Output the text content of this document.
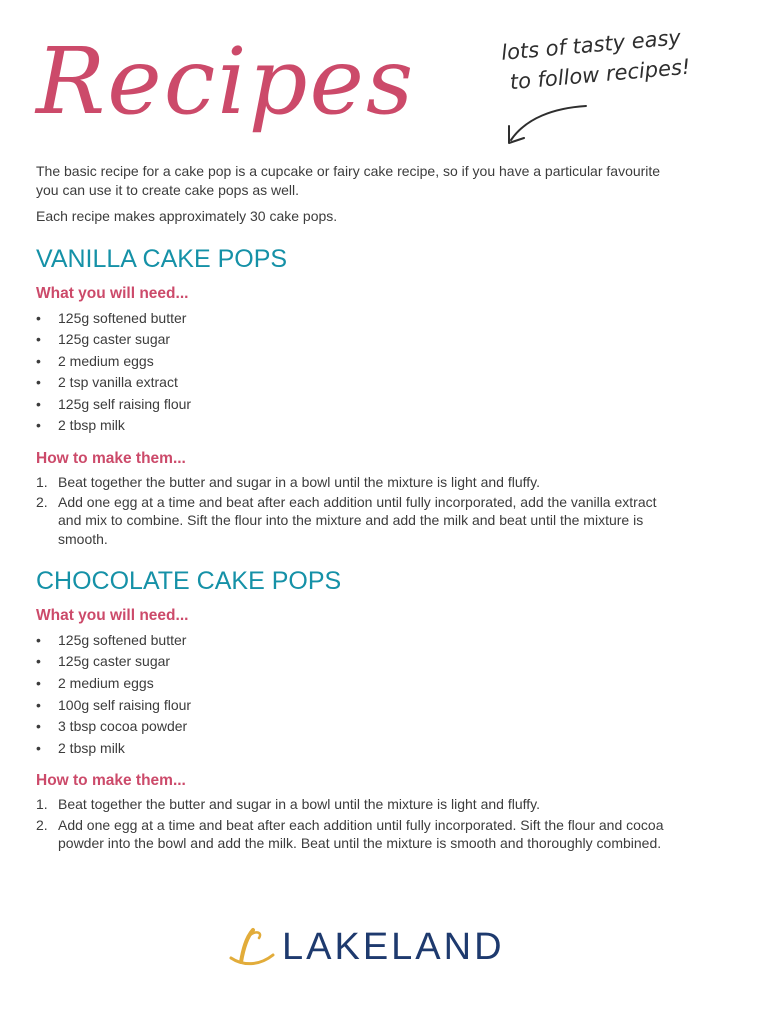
Recipes	lots of tasty easy
to follow recipes!

The basic recipe for a cake pop is a cupcake or fairy cake recipe, so if you have a particular favourite you can use it to create cake pops as well.

Each recipe makes approximately 30 cake pops.

VANILLA CAKE POPS
What you will need...
• 125g softened butter
• 125g caster sugar
• 2 medium eggs
• 2 tsp vanilla extract
• 125g self raising flour
• 2 tbsp milk
How to make them...
1. Beat together the butter and sugar in a bowl until the mixture is light and fluffy.
2. Add one egg at a time and beat after each addition until fully incorporated, add the vanilla extract and mix to combine. Sift the flour into the mixture and add the milk and beat until the mixture is smooth.
CHOCOLATE CAKE POPS
What you will need...
• 125g softened butter
• 125g caster sugar
• 2 medium eggs
• 100g self raising flour
• 3 tbsp cocoa powder
• 2 tbsp milk
How to make them...
1. Beat together the butter and sugar in a bowl until the mixture is light and fluffy.
2. Add one egg at a time and beat after each addition until fully incorporated. Sift the flour and cocoa powder into the bowl and add the milk. Beat until the mixture is smooth and thoroughly combined.
LAKELAND
